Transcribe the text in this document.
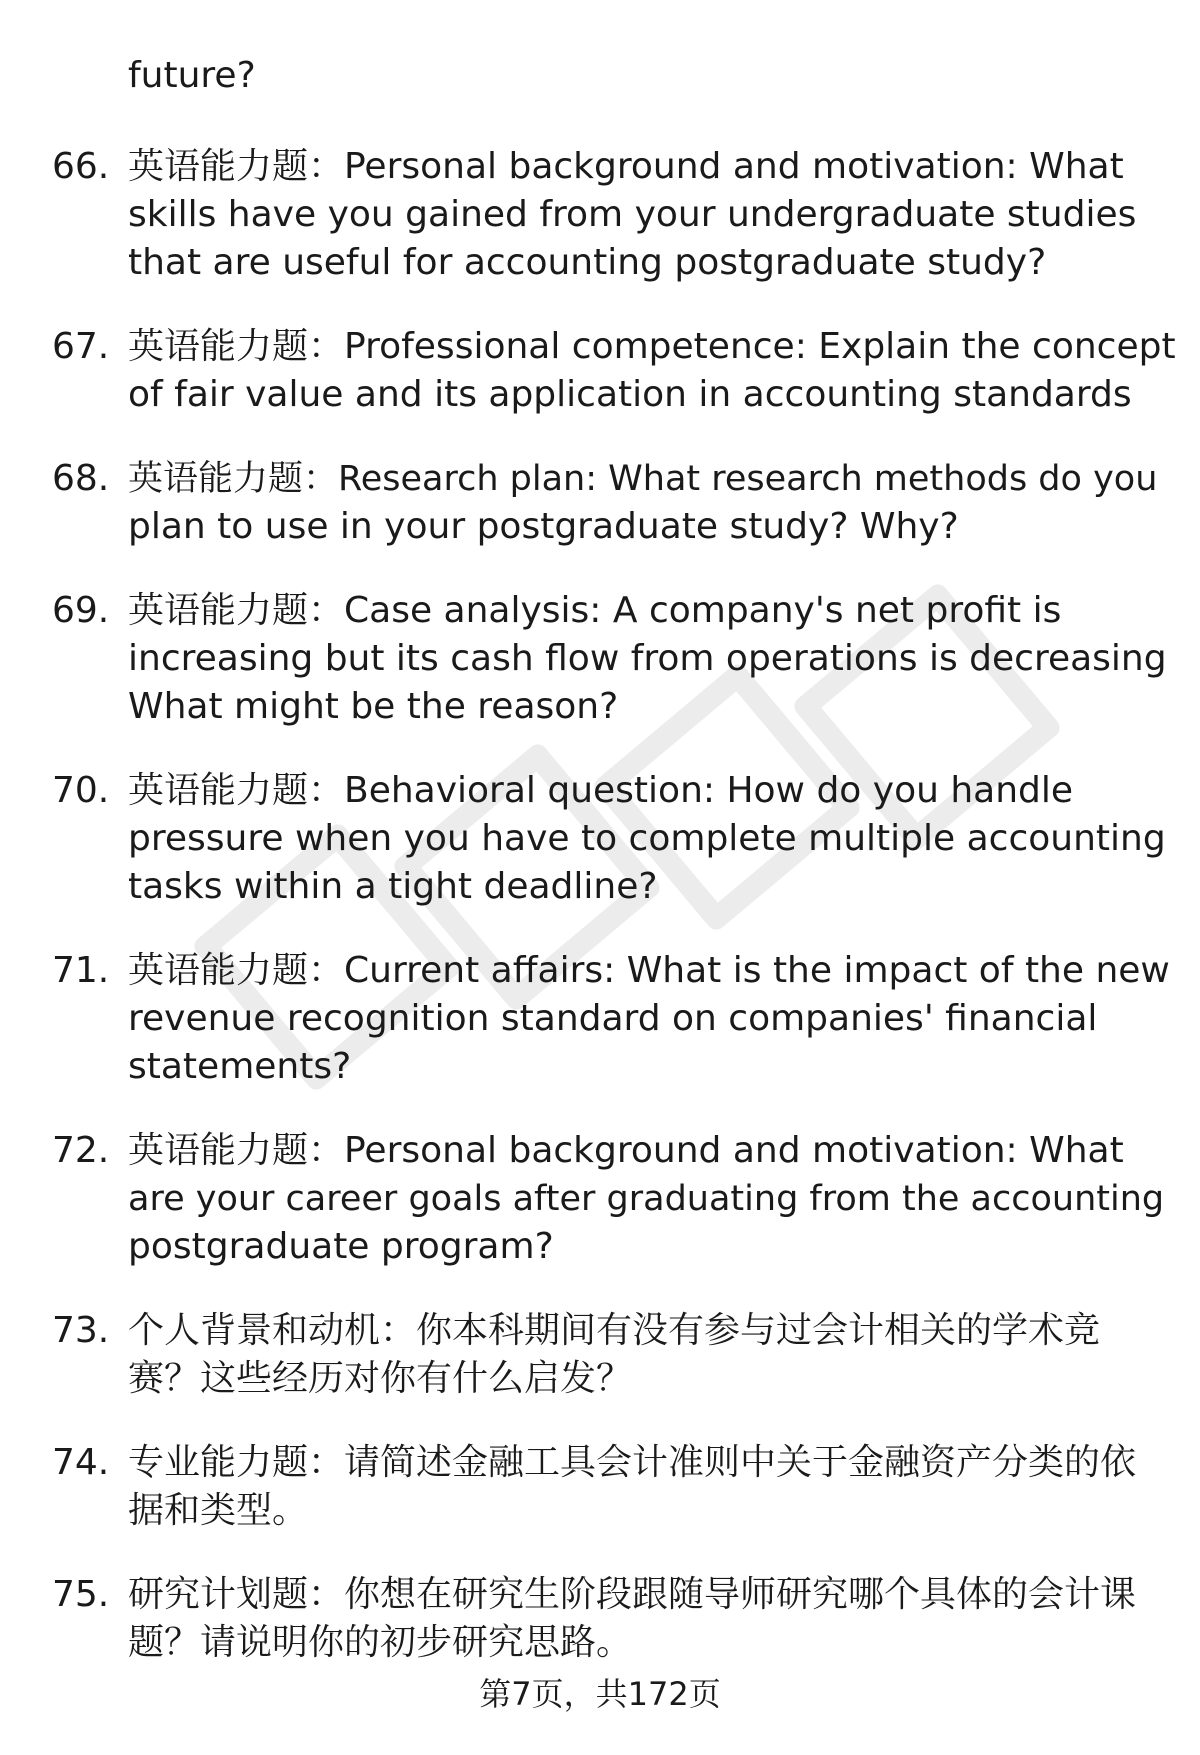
future?
66. 英语能力题：Personal background and motivation: What
skills have you gained from your undergraduate studies
that are useful for accounting postgraduate study?
67. 英语能力题：Professional competence: Explain the concept
of fair value and its application in accounting standards
68. 英语能力题：Research plan: What research methods do you
plan to use in your postgraduate study? Why?
69. 英语能力题：Case analysis: A company's net profit is
increasing but its cash flow from operations is decreasing
What might be the reason?
70. 英语能力题：Behavioral question: How do you handle
pressure when you have to complete multiple accounting
tasks within a tight deadline?
71. 英语能力题：Current affairs: What is the impact of the new
revenue recognition standard on companies' financial
statements?
72. 英语能力题：Personal background and motivation: What
are your career goals after graduating from the accounting
postgraduate program?
73. 个人背景和动机：你本科期间有没有参与过会计相关的学术竞
赛？这些经历对你有什么启发？
74. 专业能力题：请简述金融工具会计准则中关于金融资产分类的依
据和类型。
75. 研究计划题：你想在研究生阶段跟随导师研究哪个具体的会计课
题？请说明你的初步研究思路。
第7页，共172页
